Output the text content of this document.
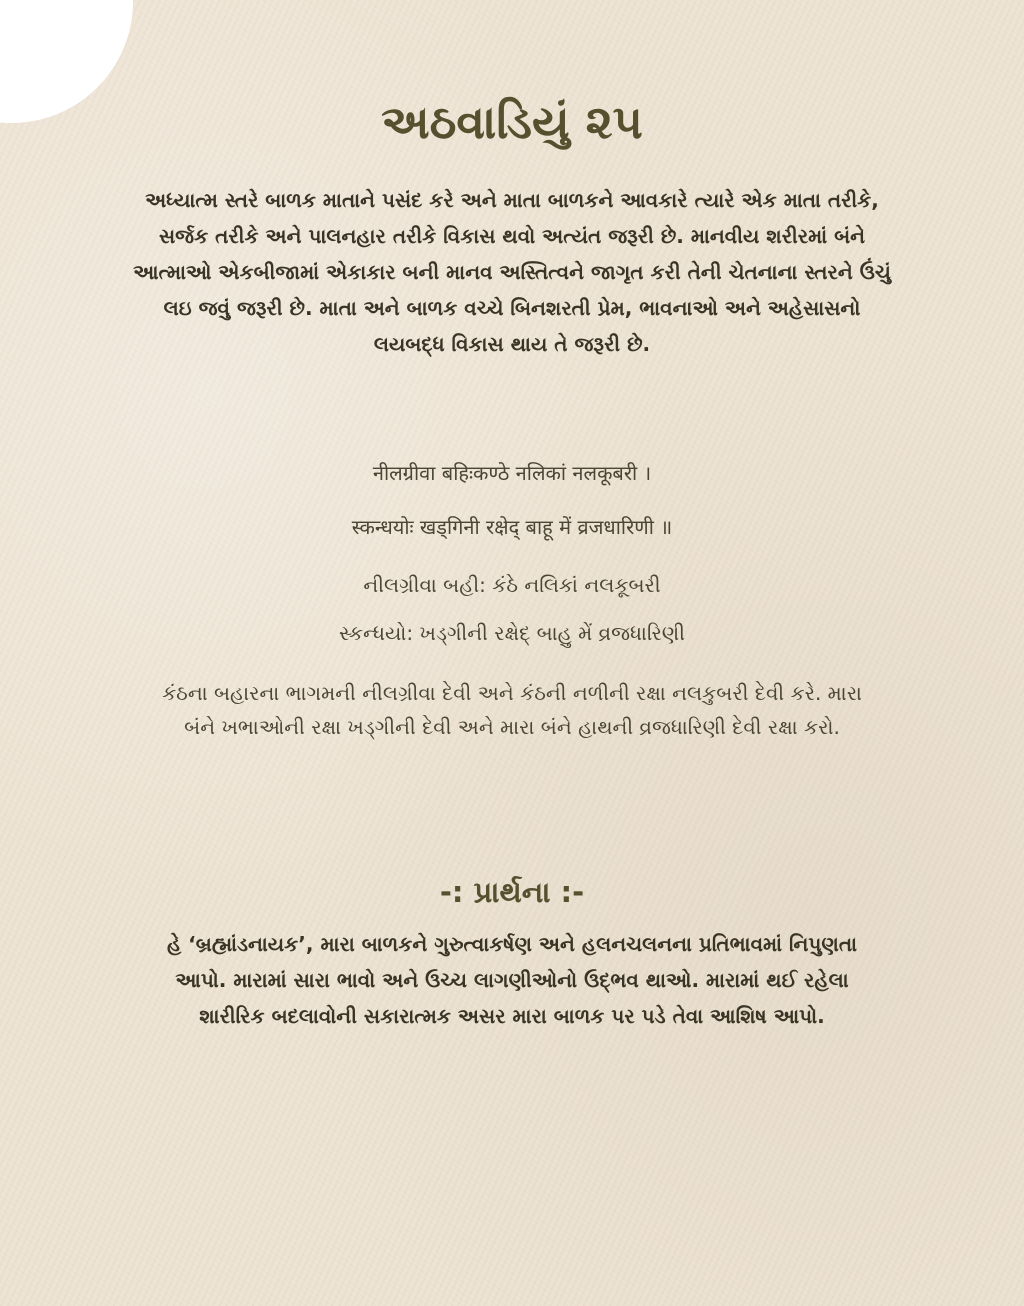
અઠવાડિયું ૨૫

અધ્યાત્મ સ્તરે બાળક માતાને પસંદ કરે અને માતા બાળકને આવકારે ત્યારે એક માતા તરીકે, સર્જક તરીકે અને પાલનહાર તરીકે વિકાસ થવો અત્યંત જરૂરી છે. માનવીય શરીરમાં બંને આત્માઓ એકબીજામાં એકાકાર બની માનવ અસ્તિત્વને જાગૃત કરી તેની ચેતનાના સ્તરને ઉંચું લઇ જવું જરૂરી છે. માતા અને બાળક વચ્ચે બિનશરતી પ્રેમ, ભાવનાઓ અને અહેસાસનો લયબદ્ધ વિકાસ થાય તે જરૂરી છે.

नीलग्रीवा बहिःकण्ठे नलिकां नलकूबरी ।

स्कन्धयोः खड्गिनी रक्षेद् बाहू में व्रजधारिणी ॥

નીલગ્રીવા બહી: કંઠે નલિકાં નલકૂબરી

સ્કન્ધયો: ખડ્ગીની રક્ષેદ્ બાહુ મેં વ્રજધારિણી

કંઠના બહારના ભાગમની નીલગ્રીવા દેવી અને કંઠની નળીની રક્ષા નલકુબરી દેવી કરે. મારા બંને ખભાઓની રક્ષા ખડ્ગીની દેવી અને મારા બંને હાથની વ્રજધારિણી દેવી રક્ષા કરો.

-: પ્રાર્થના :-

હે ‘બ્રહ્માંડનાયક’, મારા બાળકને ગુરુત્વાકર્ષણ અને હલનચલનના પ્રતિભાવમાં નિપુણતા આપો. મારામાં સારા ભાવો અને ઉચ્ચ લાગણીઓનો ઉદ્ભવ થાઓ. મારામાં થઈ રહેલા શારીરિક બદલાવોની સકારાત્મક અસર મારા બાળક પર પડે તેવા આશિષ આપો.
